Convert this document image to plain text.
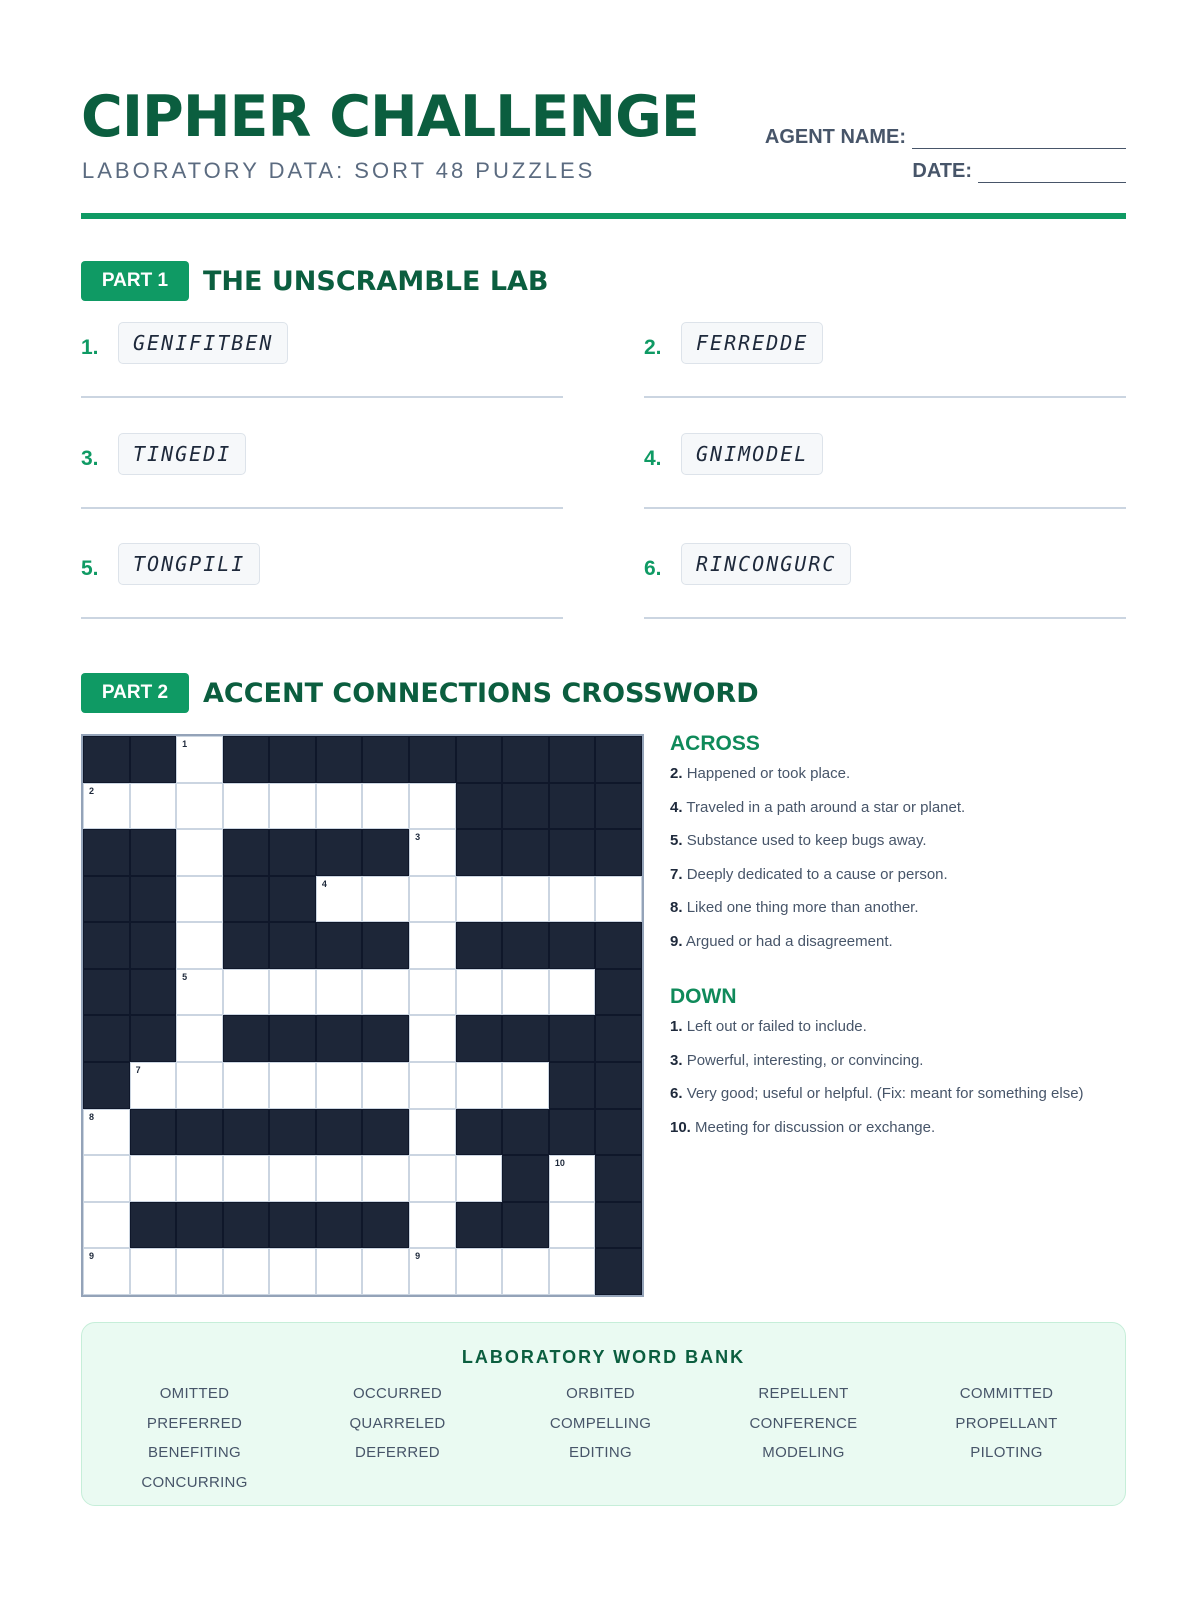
CIPHER CHALLENGE
LABORATORY DATA: SORT 48 PUZZLES
AGENT NAME:
DATE:
PART 1	THE UNSCRAMBLE LAB
1.	GENIFITBEN	2.	FERREDDE
3.	TINGEDI	4.	GNIMODEL
5.	TONGPILI	6.	RINCONGURC
PART 2	ACCENT CONNECTIONS CROSSWORD
1
2
3
4
5
7
8
10
9	9
ACROSS
2. Happened or took place.
4. Traveled in a path around a star or planet.
5. Substance used to keep bugs away.
7. Deeply dedicated to a cause or person.
8. Liked one thing more than another.
9. Argued or had a disagreement.
DOWN
1. Left out or failed to include.
3. Powerful, interesting, or convincing.
6. Very good; useful or helpful. (Fix: meant for something else)
10. Meeting for discussion or exchange.
LABORATORY WORD BANK
OMITTED	OCCURRED	ORBITED	REPELLENT	COMMITTED
PREFERRED	QUARRELED	COMPELLING	CONFERENCE	PROPELLANT
BENEFITING	DEFERRED	EDITING	MODELING	PILOTING
CONCURRING
